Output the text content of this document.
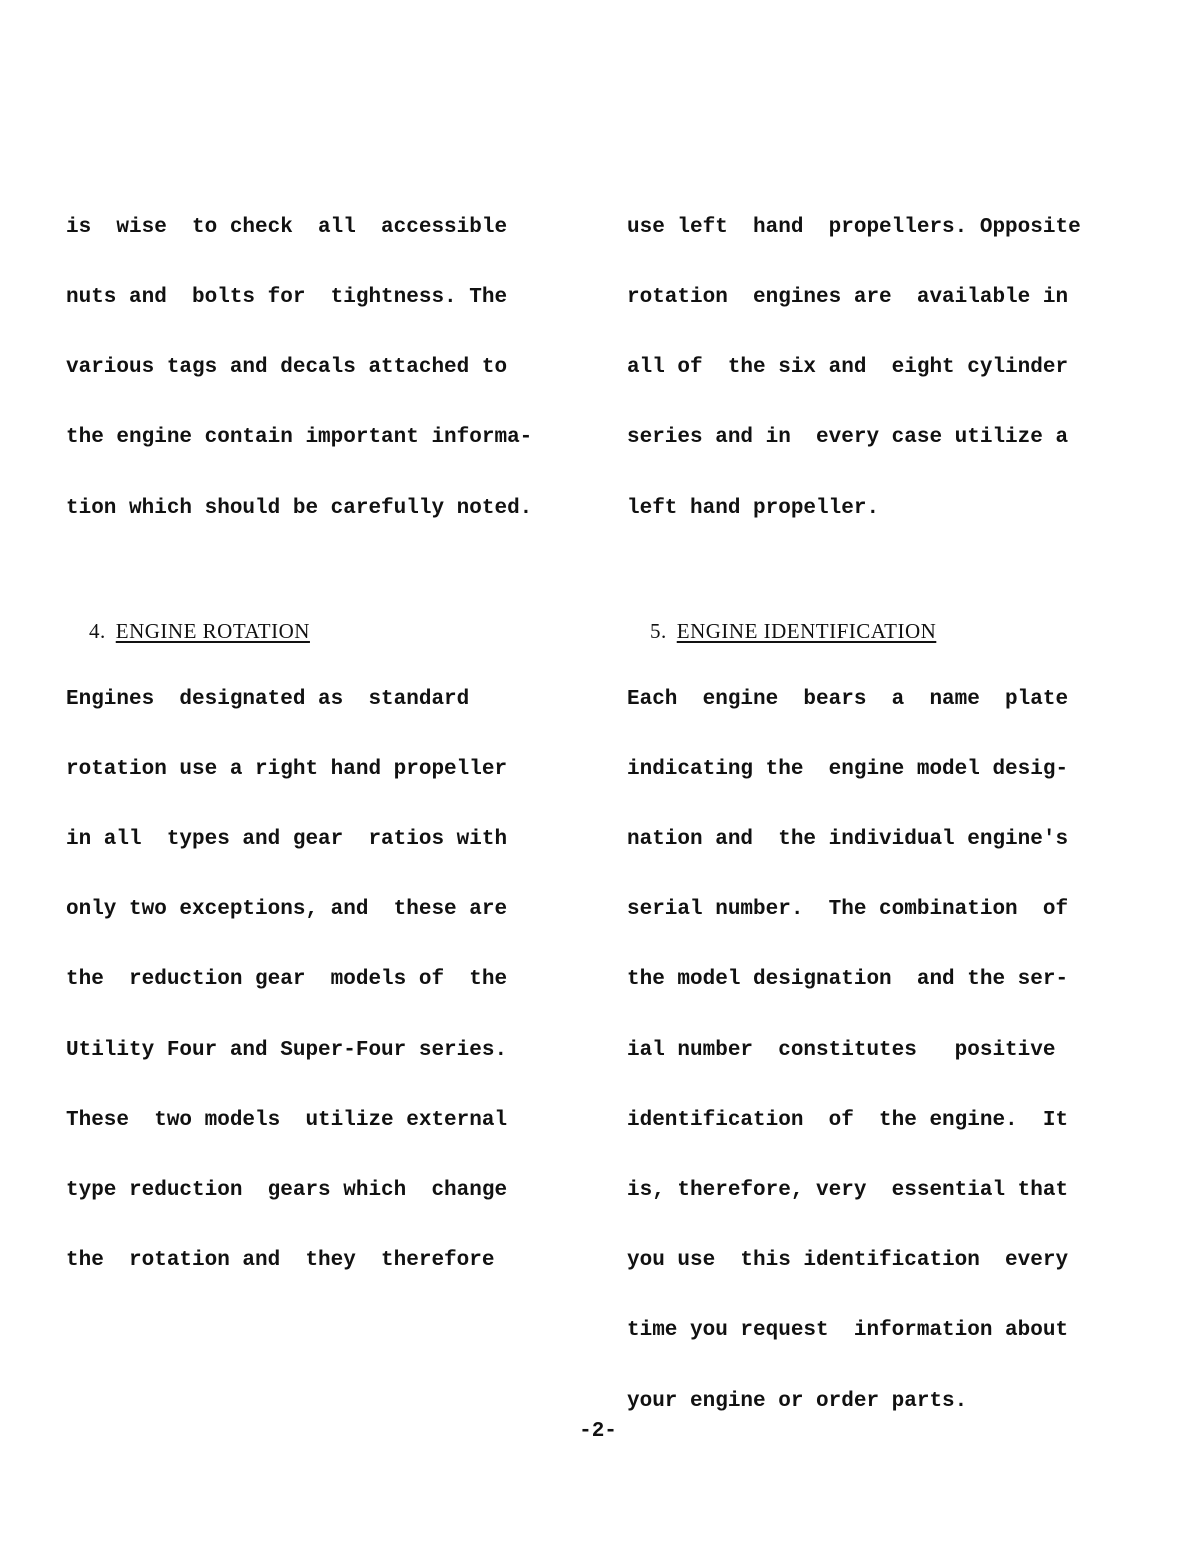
is  wise  to check  all  accessible

nuts and  bolts for  tightness. The

various tags and decals attached to

the engine contain important informa-

tion which should be carefully noted.

4. ENGINE ROTATION

Engines  designated as  standard

rotation use a right hand propeller

in all  types and gear  ratios with

only two exceptions, and  these are

the  reduction gear  models of  the

Utility Four and Super-Four series.

These  two models  utilize external

type reduction  gears which  change

the  rotation and  they  therefore

use left  hand  propellers. Opposite

rotation  engines are  available in

all of  the six and  eight cylinder

series and in  every case utilize a

left hand propeller.

5. ENGINE IDENTIFICATION

Each  engine  bears  a  name  plate

indicating the  engine model desig-

nation and  the individual engine's

serial number.  The combination  of

the model designation  and the ser-

ial number  constitutes   positive

identification  of  the engine.  It

is, therefore, very  essential that

you use  this identification  every

time you request  information about

your engine or order parts.

-2-
